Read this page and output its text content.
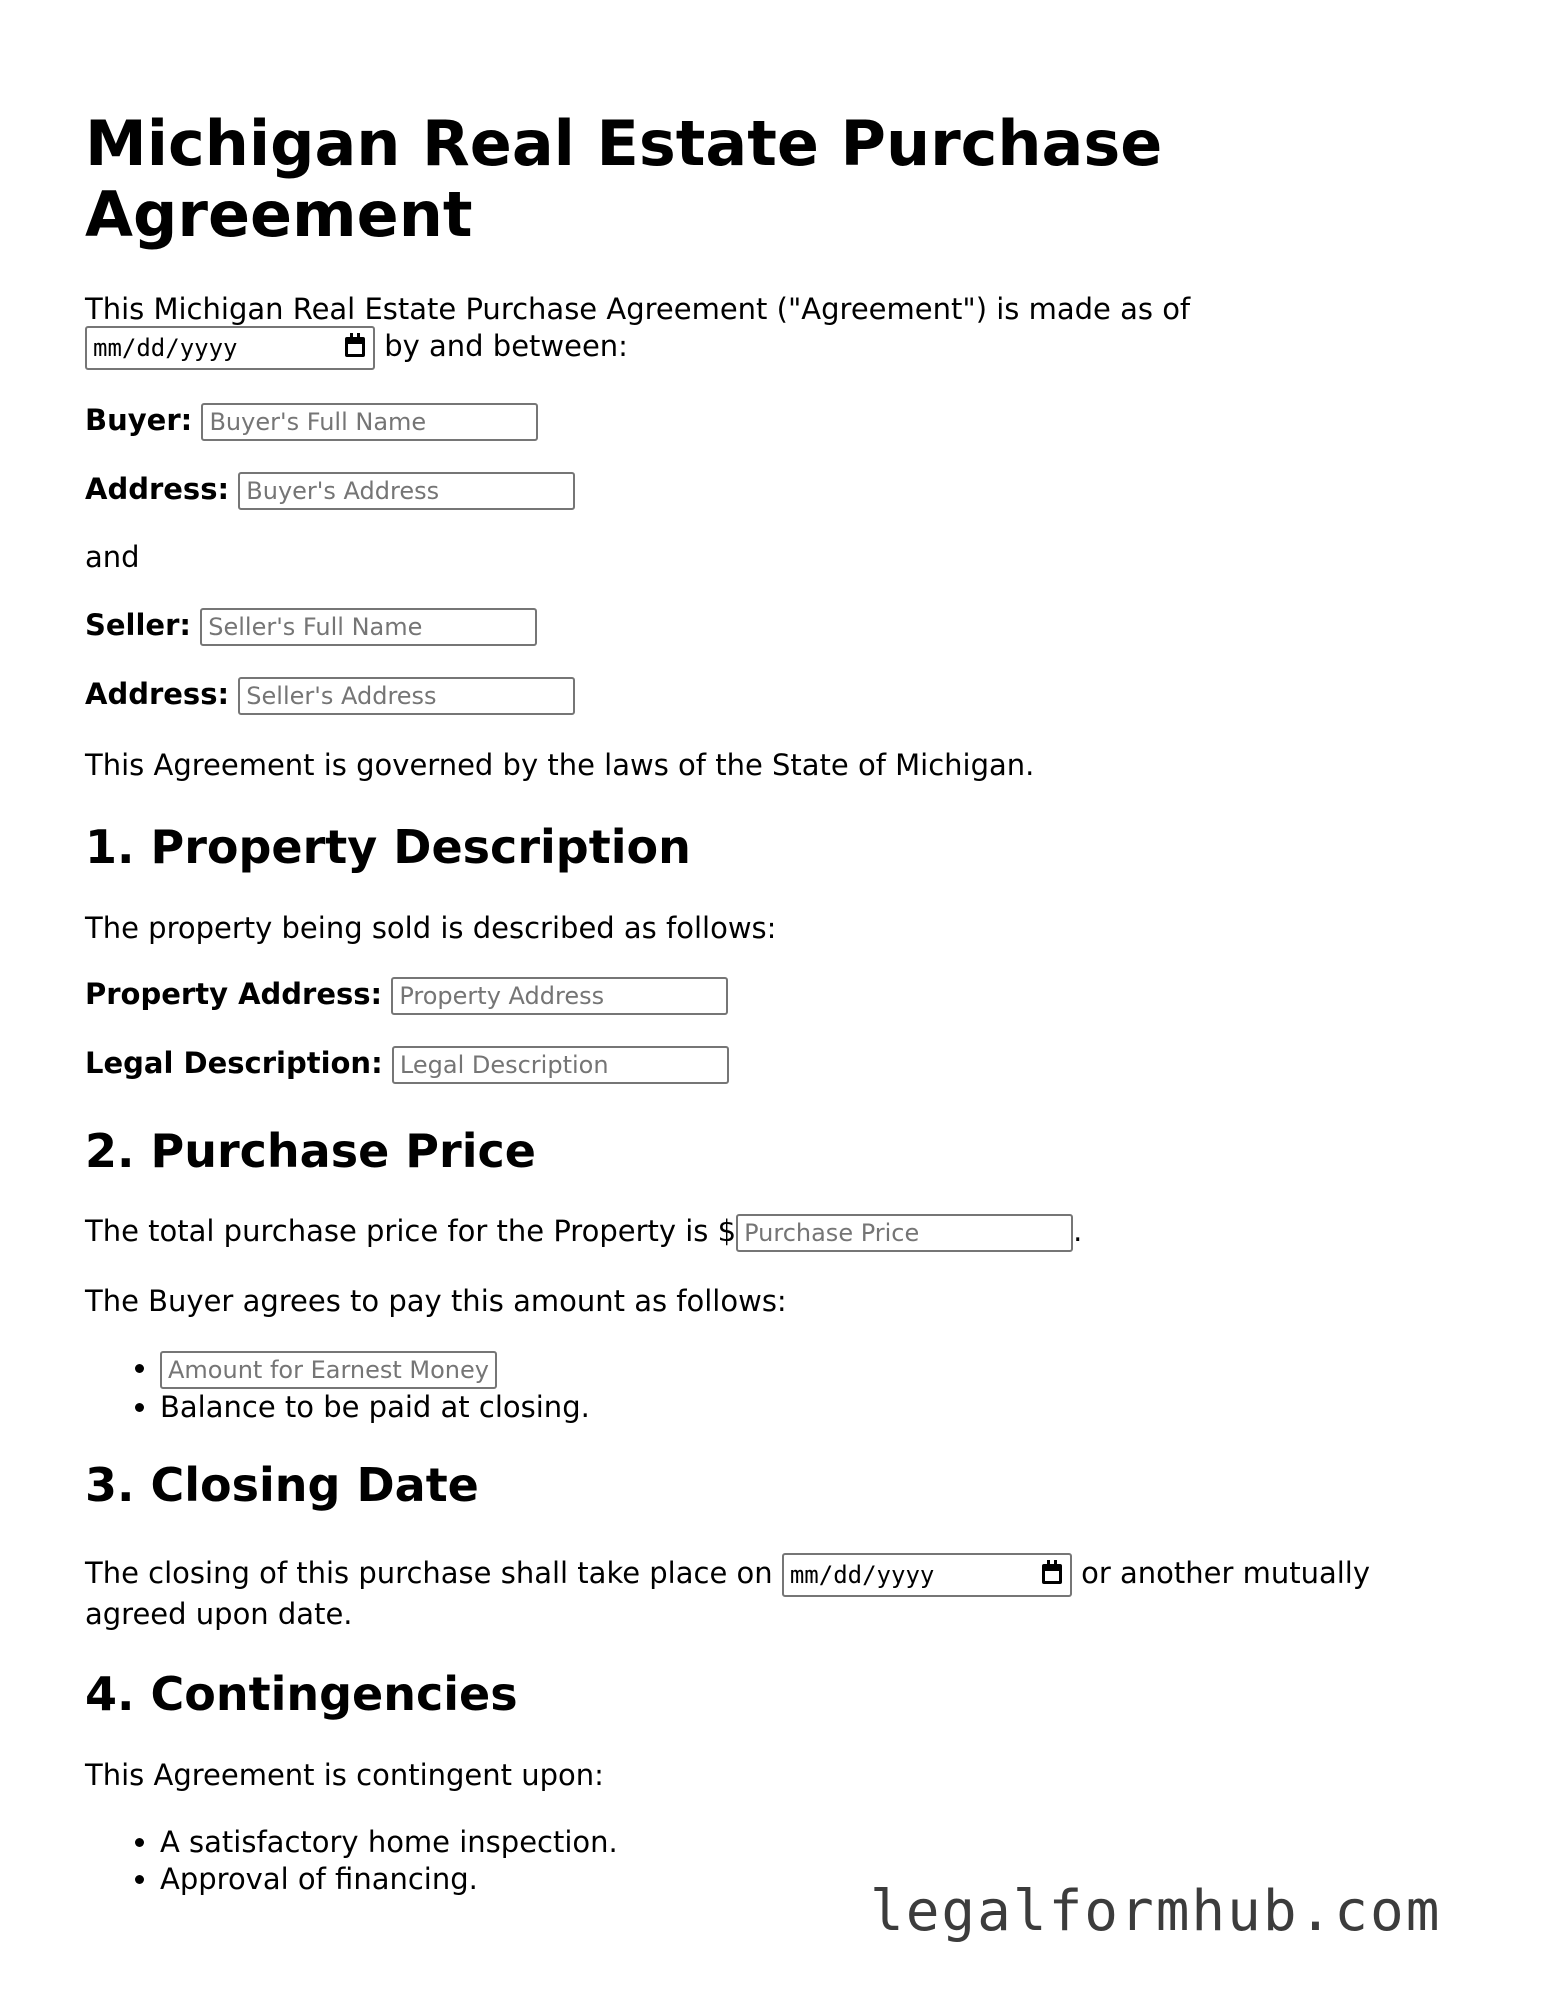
Michigan Real Estate Purchase Agreement
This Michigan Real Estate Purchase Agreement ("Agreement") is made as of
mm/dd/yyyy	by and between:
Buyer: Buyer's Full Name
Address: Buyer's Address
and
Seller: Seller's Full Name
Address: Seller's Address
This Agreement is governed by the laws of the State of Michigan.
1. Property Description
The property being sold is described as follows:
Property Address: Property Address
Legal Description: Legal Description
2. Purchase Price
The total purchase price for the Property is $ Purchase Price	.
The Buyer agrees to pay this amount as follows:
• Amount for Earnest Money
• Balance to be paid at closing.
3. Closing Date
The closing of this purchase shall take place on mm/dd/yyyy	or another mutually
agreed upon date.
4. Contingencies
This Agreement is contingent upon:
• A satisfactory home inspection.
• Approval of financing.	legalformhub.com
